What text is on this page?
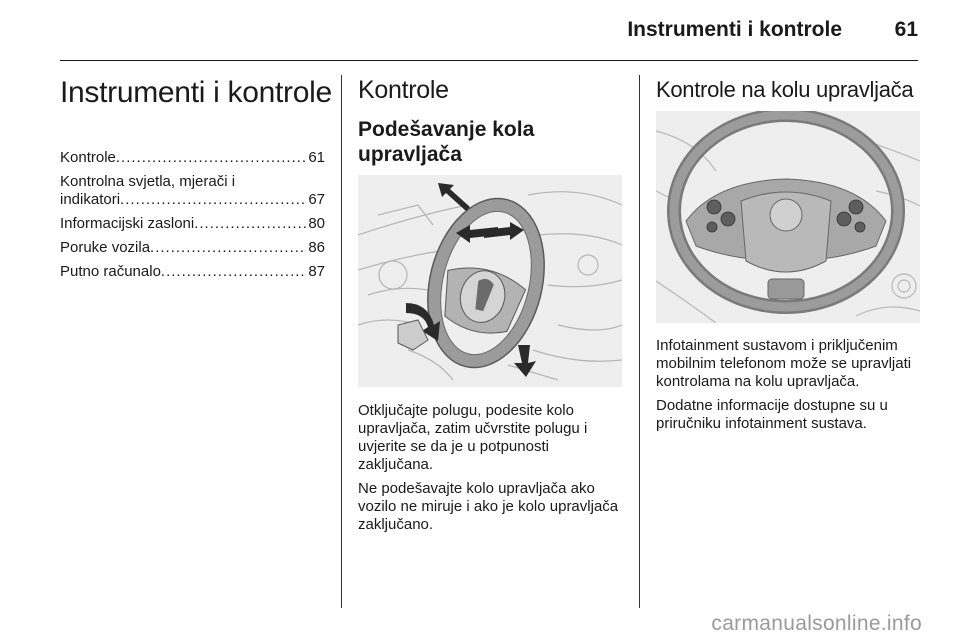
Instrumenti i kontrole	61
Instrumenti i kontrole
Kontrole .....	61
Kontrolna svjetla, mjerači i
indikatori .....	67
Informacijski zasloni .....	80
Poruke vozila .....	86
Putno računalo .....	87
Kontrole
Podešavanje kola
upravljača

Otključajte polugu, podesite kolo upravljača, zatim učvrstite polugu i uvjerite se da je u potpunosti zaključana.

Ne podešavajte kolo upravljača ako vozilo ne miruje i ako je kolo upravljača zaključano.

Kontrole na kolu upravljača

Infotainment sustavom i priključenim mobilnim telefonom može se upravljati kontrolama na kolu upravljača.

Dodatne informacije dostupne su u priručniku infotainment sustava.

carmanualsonline.info
